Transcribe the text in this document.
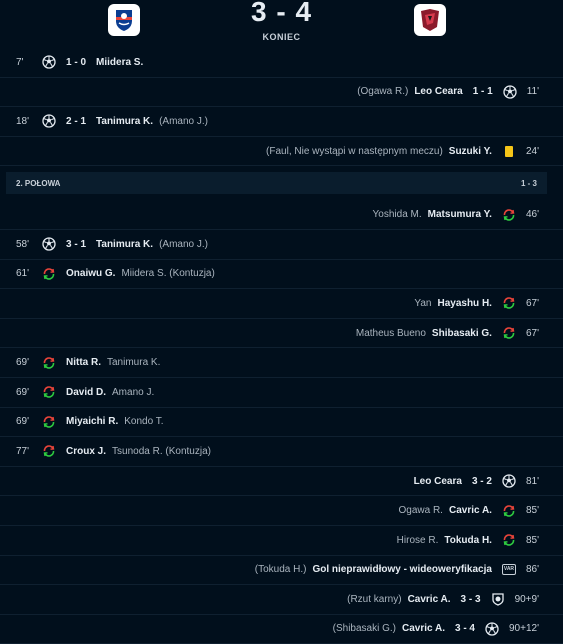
3 - 4
KONIEC
7'	1 - 0 Miidera S.
(Ogawa R.) Leo Ceara 1 - 1	11'
18'	2 - 1 Tanimura K. (Amano J.)
(Faul, Nie wystąpi w następnym meczu) Suzuki Y.	24'
2. POŁOWA	1 - 3
Yoshida M. Matsumura Y.	46'
58'	3 - 1 Tanimura K. (Amano J.)
61'	Onaiwu G. Miidera S. (Kontuzja)
Yan Hayashu H.	67'
Matheus Bueno Shibasaki G.	67'
69'	Nitta R. Tanimura K.
69'	David D. Amano J.
69'	Miyaichi R. Kondo T.
77'	Croux J. Tsunoda R. (Kontuzja)
Leo Ceara 3 - 2	81'
Ogawa R. Cavric A.	85'
Hirose R. Tokuda H.	85'
(Tokuda H.) Gol nieprawidłowy - wideoweryfikacja	VAR 86'
(Rzut karny) Cavric A. 3 - 3	90+9'
(Shibasaki G.) Cavric A. 3 - 4	90+12'
